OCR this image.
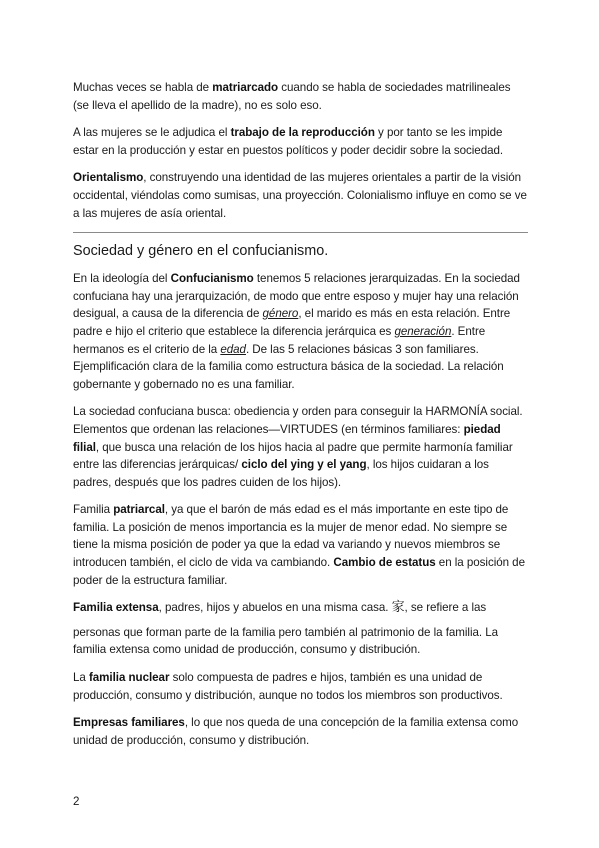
Muchas veces se habla de matriarcado cuando se habla de sociedades matrilineales (se lleva el apellido de la madre), no es solo eso.

A las mujeres se le adjudica el trabajo de la reproducción y por tanto se les impide estar en la producción y estar en puestos políticos y poder decidir sobre la sociedad.

Orientalismo, construyendo una identidad de las mujeres orientales a partir de la visión occidental, viéndolas como sumisas, una proyección. Colonialismo influye en como se ve a las mujeres de asía oriental.

Sociedad y género en el confucianismo.

En la ideología del Confucianismo tenemos 5 relaciones jerarquizadas. En la sociedad confuciana hay una jerarquización, de modo que entre esposo y mujer hay una relación desigual, a causa de la diferencia de género, el marido es más en esta relación. Entre padre e hijo el criterio que establece la diferencia jerárquica es generación. Entre hermanos es el criterio de la edad. De las 5 relaciones básicas 3 son familiares. Ejemplificación clara de la familia como estructura básica de la sociedad. La relación gobernante y gobernado no es una familiar.

La sociedad confuciana busca: obediencia y orden para conseguir la HARMONÍA social. Elementos que ordenan las relaciones—VIRTUDES (en términos familiares: piedad filial, que busca una relación de los hijos hacia al padre que permite harmonía familiar entre las diferencias jerárquicas/ ciclo del ying y el yang, los hijos cuidaran a los padres, después que los padres cuiden de los hijos).

Familia patriarcal, ya que el barón de más edad es el más importante en este tipo de familia. La posición de menos importancia es la mujer de menor edad. No siempre se tiene la misma posición de poder ya que la edad va variando y nuevos miembros se introducen también, el ciclo de vida va cambiando. Cambio de estatus en la posición de poder de la estructura familiar.

Familia extensa, padres, hijos y abuelos en una misma casa. 家, se refiere a las

personas que forman parte de la familia pero también al patrimonio de la familia. La familia extensa como unidad de producción, consumo y distribución.

La familia nuclear solo compuesta de padres e hijos, también es una unidad de producción, consumo y distribución, aunque no todos los miembros son productivos.

Empresas familiares, lo que nos queda de una concepción de la familia extensa como unidad de producción, consumo y distribución.

2
